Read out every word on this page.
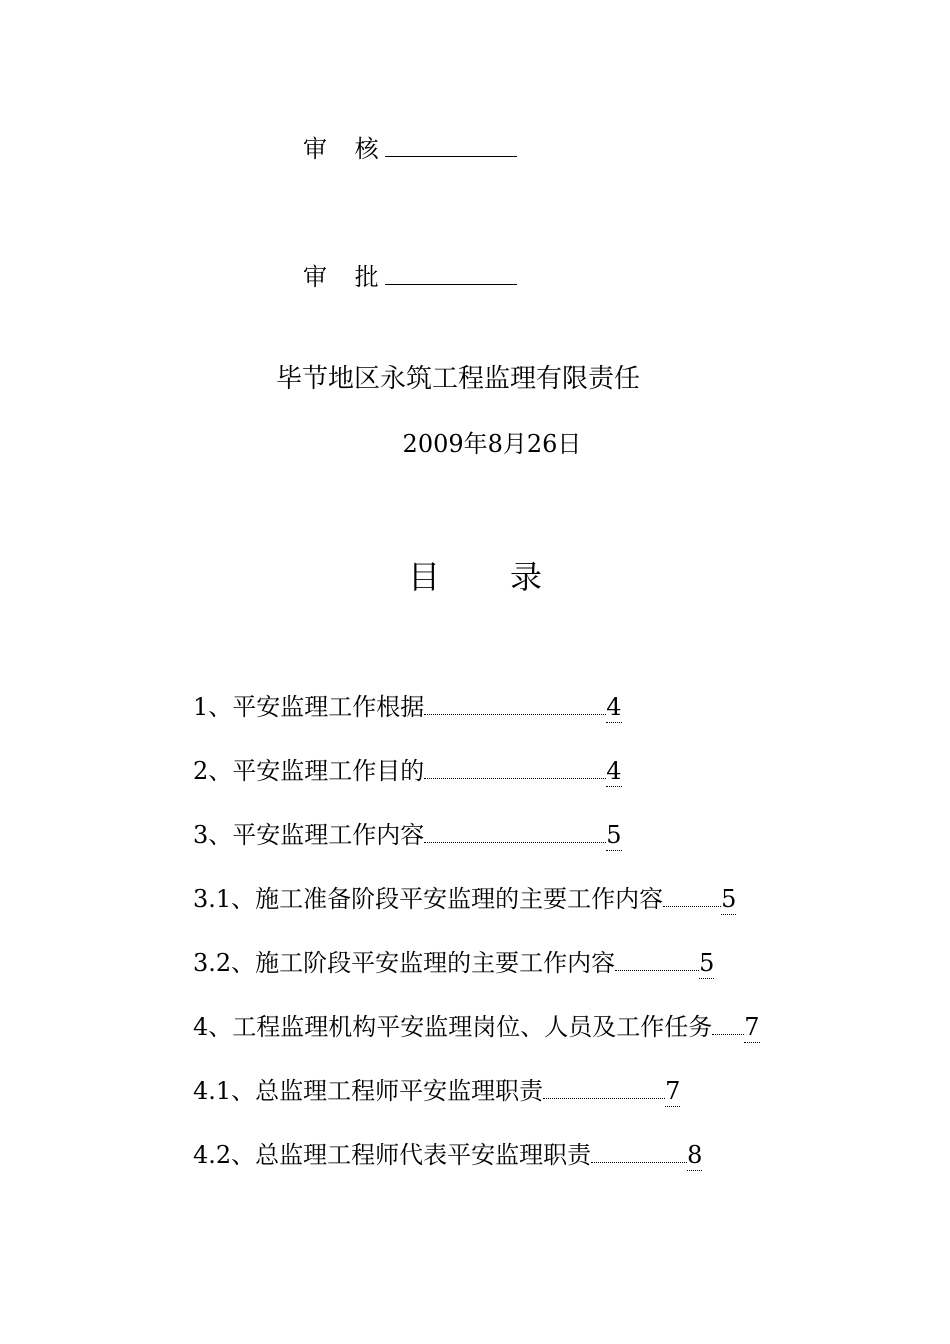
审 核
审 批
毕节地区永筑工程监理有限责任
2009年8月26日
目 录
1、平安监理工作根据	4
2、平安监理工作目的	4
3、平安监理工作内容	5
3.1、施工准备阶段平安监理的主要工作内容 5
3.2、施工阶段平安监理的主要工作内容	5
4、工程监理机构平安监理岗位、人员及工作任务 7
4.1、总监理工程师平安监理职责	7
4.2、总监理工程师代表平安监理职责	8
